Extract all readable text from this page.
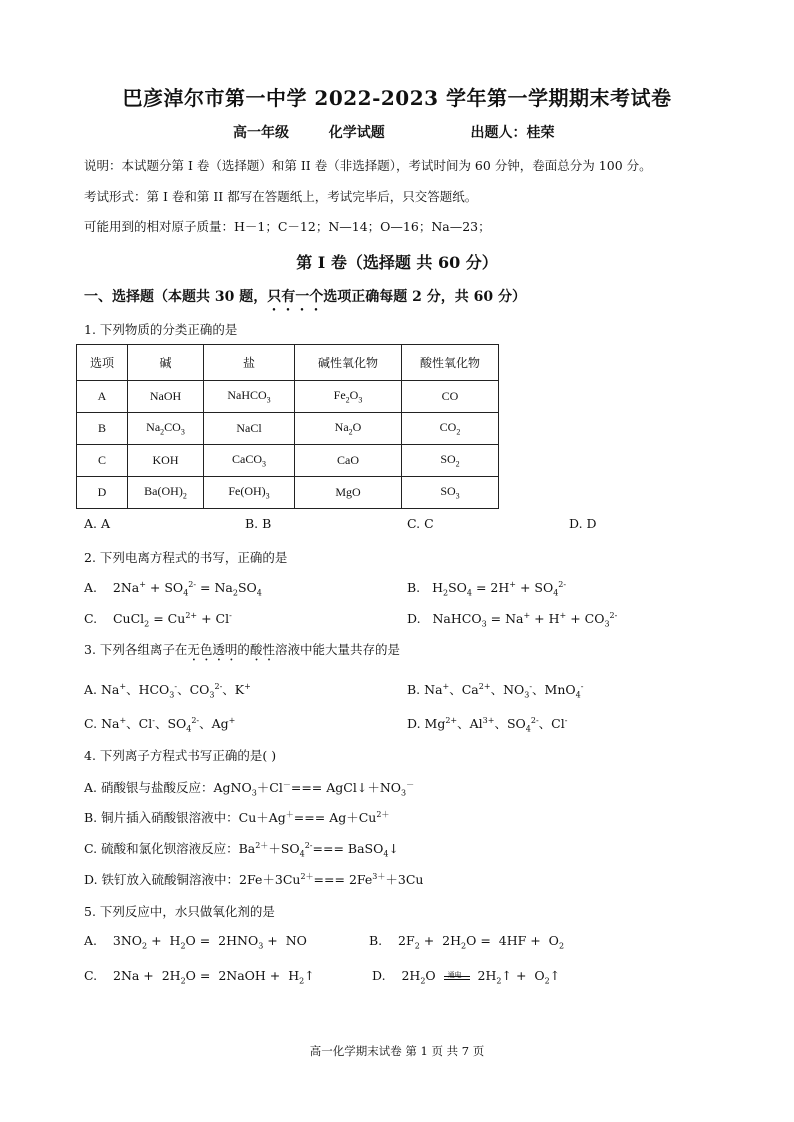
巴彦淖尔市第一中学 2022-2023 学年第一学期期末考试卷
高一年级	化学试题	出题人：桂荣
说明：本试题分第 I 卷（选择题）和第 II 卷（非选择题），考试时间为 60 分钟，卷面总分为 100 分。
考试形式：第 I 卷和第 II 都写在答题纸上，考试完毕后，只交答题纸。
可能用到的相对原子质量：H－1；C－12；N—14；O—16；Na—23；
第 I 卷（选择题 共 60 分）
一、选择题（本题共 30 题，只有一个选项正确每题 2 分，共 60 分）
1. 下列物质的分类正确的是
选项	碱	盐	碱性氧化物	酸性氧化物
A	NaOH	NaHCO$_3$	$Fe_2O_3$	CO
B	$Na_2CO_3$	NaCl	$Na_2O$	$CO_2$
C	KOH	CaCO$_3$	CaO	$SO_2$
D	$Ba(OH)_2$	$Fe(OH)_3$	MgO	$SO_3$
A. A	B. B	C. C	D. D
2. 下列电离方程式的书写，正确的是
A.    $2Na^+ + SO_4^{2-} = Na_2SO_4$	B.   $H_2SO_4 = 2H^+ + SO_4^{2-}$
C.    CuCl$_2$ = $Cu^{2+} + Cl^-$	D.   NaHCO$_3$ = $Na^+ + H^+ + CO_3^{2-}$
3. 下列各组离子在无色透明的酸性溶液中能大量共存的是
A. Na+、$HCO_3^-$、$CO_3^{2-}$、K+	B. Na+、$Ca^{2+}$、$NO_3^-$、MnO$_4$-
C. Na+、Cl-、$SO_4^{2-}$、Ag+	D. $Mg^{2+}$、$Al^{3+}$、$SO_4^{2-}$、Cl-
4. 下列离子方程式书写正确的是( )
A. 硝酸银与盐酸反应：AgNO$_3$＋Cl－=== $AgCl↓+NO_3^-$
B. 铜片插入硝酸银溶液中：$Cu+Ag^+=== Ag+Cu^{2+}$
C. 硫酸和氯化钡溶液反应：$Ba^{2+}+SO_4^{2-}===$ BaSO$_4$↓
D. 铁钉放入硫酸铜溶液中：$2Fe+3Cu^{2+}=== 2Fe^{3+}+3Cu$
5. 下列反应中，水只做氧化剂的是
A.    $3NO_2 + H_2O = 2HNO_3$ +  NO	B.    $2F_2 + 2H_2O = 4HF + O_2$
C.    $2Na + 2H_2O$ =  2NaOH +  $H_2↑$	D.    $2H_2O$ 通电 $2H_2↑$ +  $O_2↑$
高一化学期末试卷 第 1 页 共 7 页
